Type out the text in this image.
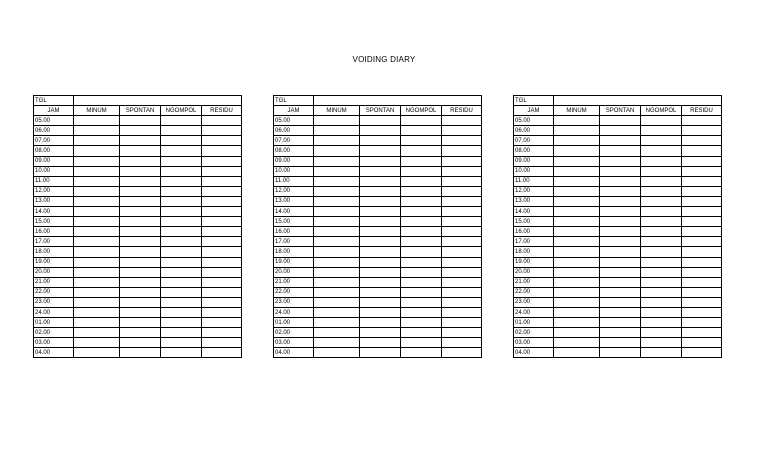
VOIDING DIARY
TGL				
JAM	MINUM	SPONTAN	NGOMPOL	RESIDU
05.00				
06.00				
07.00				
08.00				
09.00				
10.00				
11.00				
12.00				
13.00				
14.00				
15.00				
16.00				
17.00				
18.00				
19.00				
20.00				
21.00				
22.00				
23.00				
24.00				
01.00				
02.00				
03.00				
04.00				
TGL				
JAM	MINUM	SPONTAN	NGOMPOL	RESIDU
05.00				
06.00				
07.00				
08.00				
09.00				
10.00				
11.00				
12.00				
13.00				
14.00				
15.00				
16.00				
17.00				
18.00				
19.00				
20.00				
21.00				
22.00				
23.00				
24.00				
01.00				
02.00				
03.00				
04.00				
TGL				
JAM	MINUM	SPONTAN	NGOMPOL	RESIDU
05.00				
06.00				
07.00				
08.00				
09.00				
10.00				
11.00				
12.00				
13.00				
14.00				
15.00				
16.00				
17.00				
18.00				
19.00				
20.00				
21.00				
22.00				
23.00				
24.00				
01.00				
02.00				
03.00				
04.00				
